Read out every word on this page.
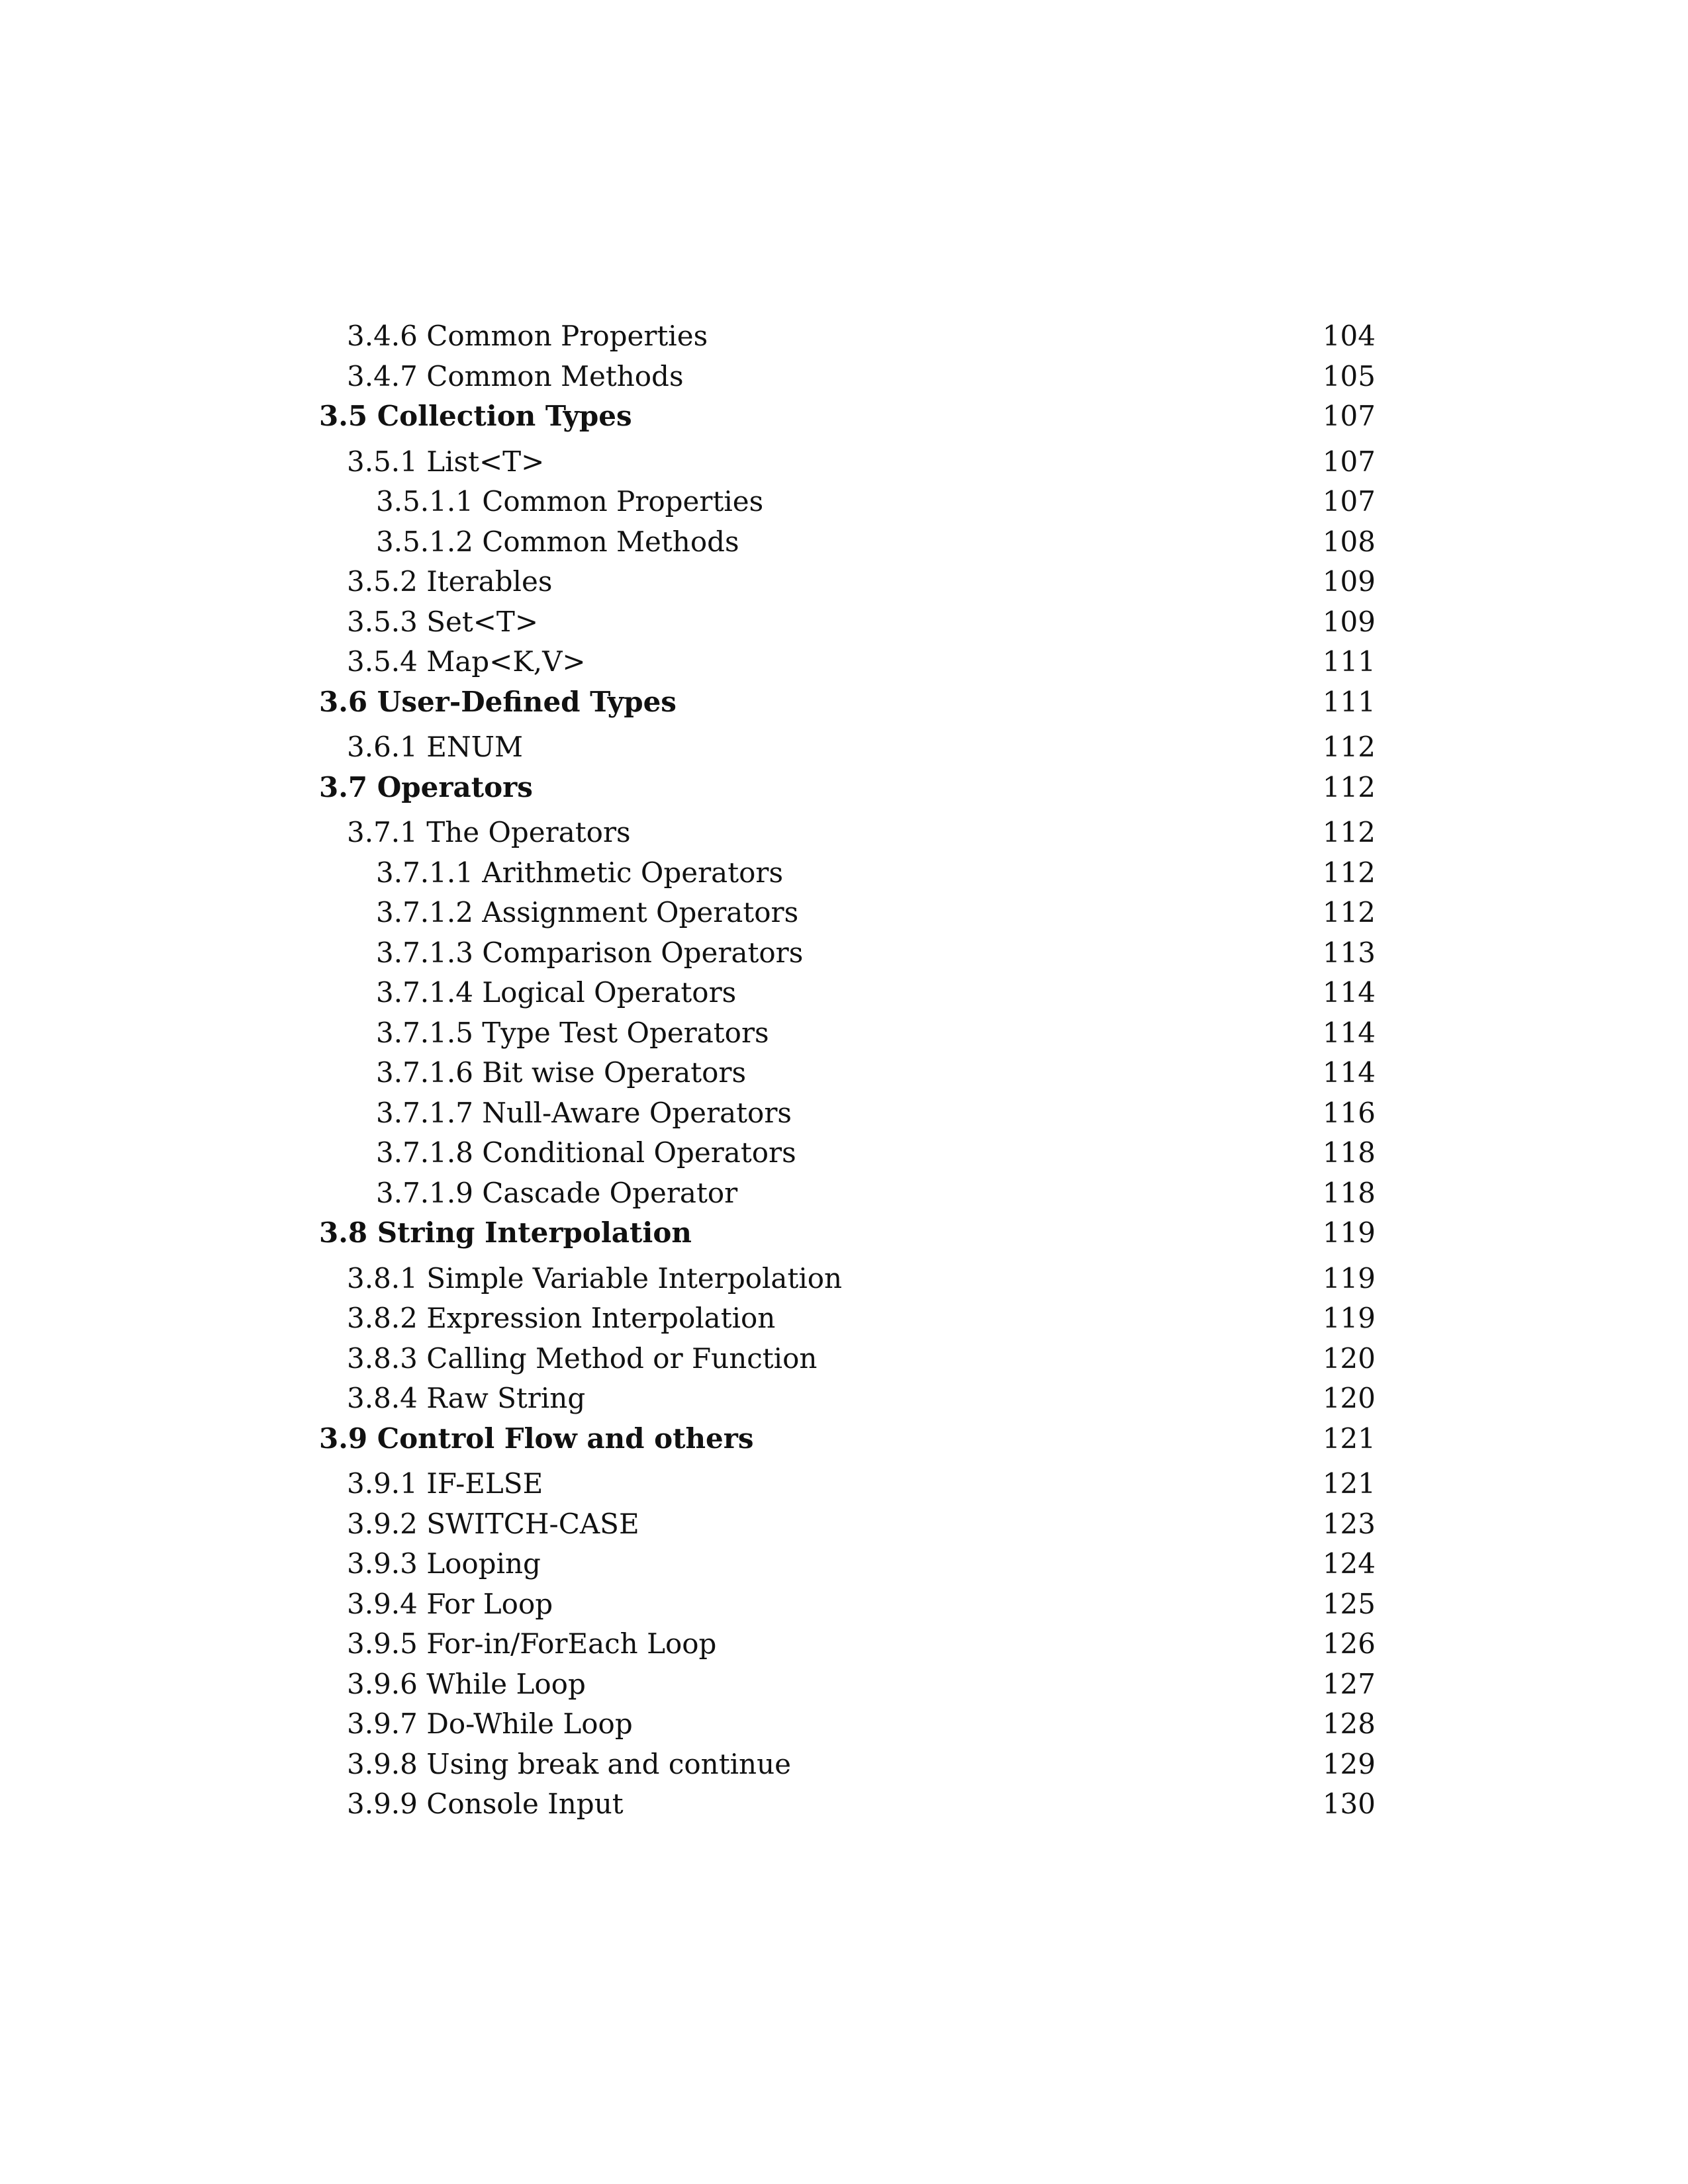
3.4.6 Common Properties	104
3.4.7 Common Methods	105
3.5 Collection Types	107
3.5.1 List<T>	107
3.5.1.1 Common Properties	107
3.5.1.2 Common Methods	108
3.5.2 Iterables	109
3.5.3 Set<T>	109
3.5.4 Map<K,V>	111
3.6 User-Defined Types	111
3.6.1 ENUM	112
3.7 Operators	112
3.7.1 The Operators	112
3.7.1.1 Arithmetic Operators	112
3.7.1.2 Assignment Operators	112
3.7.1.3 Comparison Operators	113
3.7.1.4 Logical Operators	114
3.7.1.5 Type Test Operators	114
3.7.1.6 Bit wise Operators	114
3.7.1.7 Null-Aware Operators	116
3.7.1.8 Conditional Operators	118
3.7.1.9 Cascade Operator	118
3.8 String Interpolation	119
3.8.1 Simple Variable Interpolation	119
3.8.2 Expression Interpolation	119
3.8.3 Calling Method or Function	120
3.8.4 Raw String	120
3.9 Control Flow and others	121
3.9.1 IF-ELSE	121
3.9.2 SWITCH-CASE	123
3.9.3 Looping	124
3.9.4 For Loop	125
3.9.5 For-in/ForEach Loop	126
3.9.6 While Loop	127
3.9.7 Do-While Loop	128
3.9.8 Using break and continue	129
3.9.9 Console Input	130
